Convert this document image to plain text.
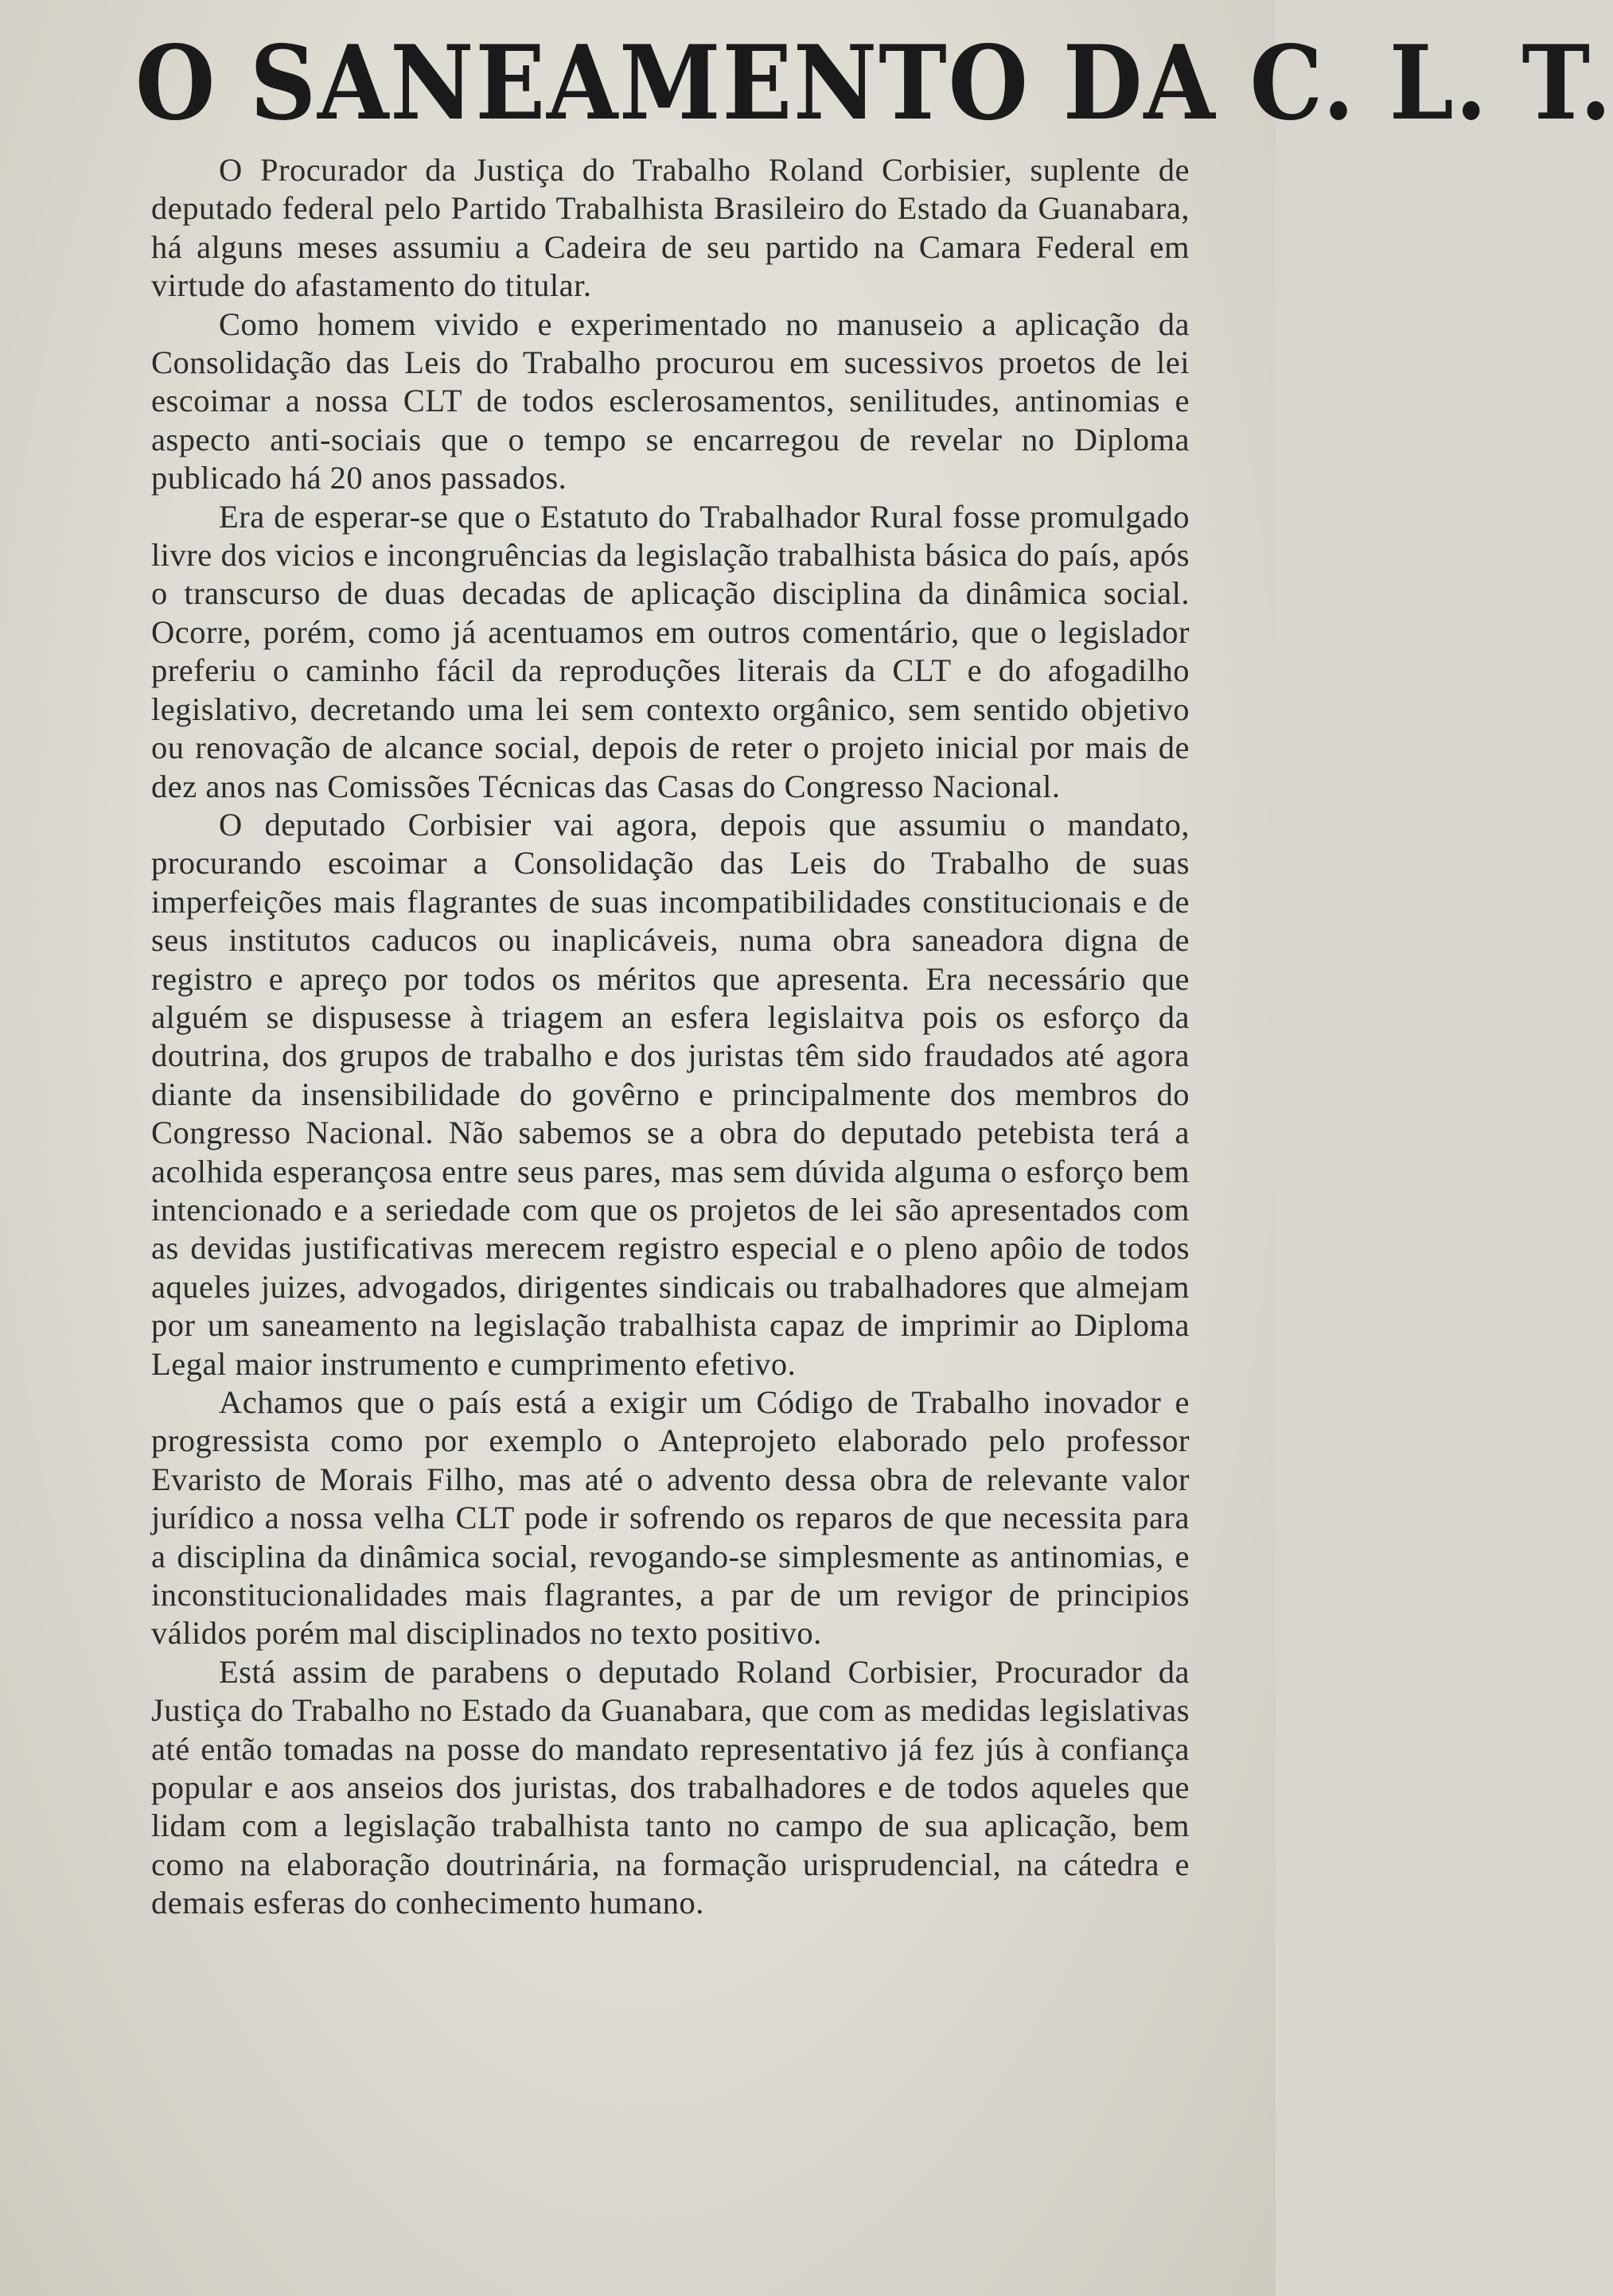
O SANEAMENTO DA C. L. T.

O Procurador da Justiça do Trabalho Roland Corbisier, suplente de deputado federal pelo Partido Trabalhista Brasileiro do Estado da Guanabara, há alguns meses assumiu a Cadeira de seu partido na Camara Federal em virtude do afastamento do titular.

Como homem vivido e experimentado no manuseio a aplicação da Consolidação das Leis do Trabalho procurou em sucessivos proetos de lei escoimar a nossa CLT de todos esclerosamentos, senilitudes, antinomias e aspecto anti-sociais que o tempo se encarregou de revelar no Diploma publicado há 20 anos passados.

Era de esperar-se que o Estatuto do Trabalhador Rural fosse promulgado livre dos vicios e incongruências da legislação trabalhista básica do país, após o transcurso de duas decadas de aplicação disciplina da dinâmica social. Ocorre, porém, como já acentuamos em outros comentário, que o legislador preferiu o caminho fácil da reproduções literais da CLT e do afogadilho legislativo, decretando uma lei sem contexto orgânico, sem sentido objetivo ou renovação de alcance social, depois de reter o projeto inicial por mais de dez anos nas Comissões Técnicas das Casas do Congresso Nacional.

O deputado Corbisier vai agora, depois que assumiu o mandato, procurando escoimar a Consolidação das Leis do Trabalho de suas imperfeições mais flagrantes de suas incompatibilidades constitucionais e de seus institutos caducos ou inaplicáveis, numa obra saneadora digna de registro e apreço por todos os méritos que apresenta. Era necessário que alguém se dispusesse à triagem an esfera legislaitva pois os esforço da doutrina, dos grupos de trabalho e dos juristas têm sido fraudados até agora diante da insensibilidade do govêrno e principalmente dos membros do Congresso Nacional. Não sabemos se a obra do deputado petebista terá a acolhida esperançosa entre seus pares, mas sem dúvida alguma o esforço bem intencionado e a seriedade com que os projetos de lei são apresentados com as devidas justificativas merecem registro especial e o pleno apôio de todos aqueles juizes, advogados, dirigentes sindicais ou trabalhadores que almejam por um saneamento na legislação trabalhista capaz de imprimir ao Diploma Legal maior instrumento e cumprimento efetivo.

Achamos que o país está a exigir um Código de Trabalho inovador e progressista como por exemplo o Anteprojeto elaborado pelo professor Evaristo de Morais Filho, mas até o advento dessa obra de relevante valor jurídico a nossa velha CLT pode ir sofrendo os reparos de que necessita para a disciplina da dinâmica social, revogando-se simplesmente as antinomias, e inconstitucionalidades mais flagrantes, a par de um revigor de principios válidos porém mal disciplinados no texto positivo.

Está assim de parabens o deputado Roland Corbisier, Procurador da Justiça do Trabalho no Estado da Guanabara, que com as medidas legislativas até então tomadas na posse do mandato representativo já fez jús à confiança popular e aos anseios dos juristas, dos trabalhadores e de todos aqueles que lidam com a legislação trabalhista tanto no campo de sua aplicação, bem como na elaboração doutrinária, na formação urisprudencial, na cátedra e demais esferas do conhecimento humano.
